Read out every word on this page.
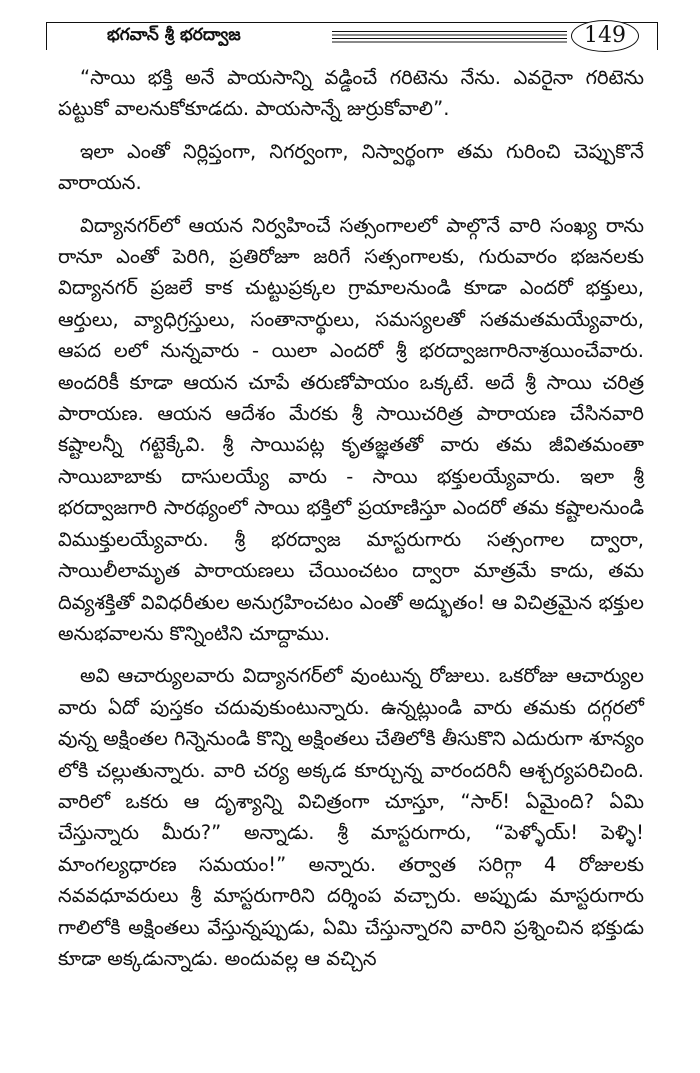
భగవాన్ శ్రీ భరద్వాజ	149

“సాయి భక్తి అనే పాయసాన్ని వడ్డించే గరిటెను నేను. ఎవరైనా గరిటెను పట్టుకో వాలనుకోకూడదు. పాయసాన్నే జుర్రుకోవాలి”.

ఇలా ఎంతో నిర్లిప్తంగా, నిగర్వంగా, నిస్వార్థంగా తమ గురించి చెప్పుకొనే వారాయన.

విద్యానగర్‌లో ఆయన నిర్వహించే సత్సంగాలలో పాల్గొనే వారి సంఖ్య రాను రానూ ఎంతో పెరిగి, ప్రతిరోజూ జరిగే సత్సంగాలకు, గురువారం భజనలకు విద్యానగర్ ప్రజలే కాక చుట్టుప్రక్కల గ్రామాలనుండి కూడా ఎందరో భక్తులు, ఆర్తులు, వ్యాధిగ్రస్తులు, సంతానార్థులు, సమస్యలతో సతమతమయ్యేవారు, ఆపద లలో నున్నవారు - యిలా ఎందరో శ్రీ భరద్వాజగారినాశ్రయించేవారు. అందరికీ కూడా ఆయన చూపే తరుణోపాయం ఒక్కటే. అదే శ్రీ సాయి చరిత్ర పారాయణ. ఆయన ఆదేశం మేరకు శ్రీ సాయిచరిత్ర పారాయణ చేసినవారి కష్టాలన్నీ గట్టెక్కేవి. శ్రీ సాయిపట్ల కృతజ్ఞతతో వారు తమ జీవితమంతా సాయిబాబాకు దాసులయ్యే వారు - సాయి భక్తులయ్యేవారు. ఇలా శ్రీ భరద్వాజగారి సారథ్యంలో సాయి భక్తిలో ప్రయాణిస్తూ ఎందరో తమ కష్టాలనుండి విముక్తులయ్యేవారు. శ్రీ భరద్వాజ మాస్టరుగారు సత్సంగాల ద్వారా, సాయిలీలామృత పారాయణలు చేయించటం ద్వారా మాత్రమే కాదు, తమ దివ్యశక్తితో వివిధరీతుల అనుగ్రహించటం ఎంతో అద్భుతం! ఆ విచిత్రమైన భక్తుల అనుభవాలను కొన్నింటిని చూద్దాము.

అవి ఆచార్యులవారు విద్యానగర్‌లో వుంటున్న రోజులు. ఒకరోజు ఆచార్యుల వారు ఏదో పుస్తకం చదువుకుంటున్నారు. ఉన్నట్లుండి వారు తమకు దగ్గరలో వున్న అక్షింతల గిన్నెనుండి కొన్ని అక్షింతలు చేతిలోకి తీసుకొని ఎదురుగా శూన్యం లోకి చల్లుతున్నారు. వారి చర్య అక్కడ కూర్చున్న వారందరినీ ఆశ్చర్యపరిచింది. వారిలో ఒకరు ఆ దృశ్యాన్ని విచిత్రంగా చూస్తూ, “సార్! ఏమైంది? ఏమి చేస్తున్నారు మీరు?” అన్నాడు. శ్రీ మాస్టరుగారు, “పెళ్ళోయ్! పెళ్ళి! మాంగల్యధారణ సమయం!” అన్నారు. తర్వాత సరిగ్గా 4 రోజులకు నవవధూవరులు శ్రీ మాస్టరుగారిని దర్శింప వచ్చారు. అప్పుడు మాస్టరుగారు గాలిలోకి అక్షింతలు వేస్తున్నప్పుడు, ఏమి చేస్తున్నారని వారిని ప్రశ్నించిన భక్తుడు కూడా అక్కడున్నాడు. అందువల్ల ఆ వచ్చిన
